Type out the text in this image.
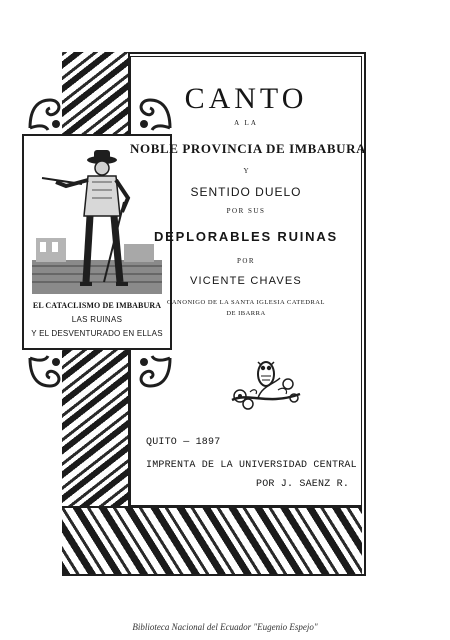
EL CATACLISMO DE IMBABURA
LAS RUINAS
Y EL DESVENTURADO EN ELLAS
CANTO
A LA
NOBLE PROVINCIA DE IMBABURA
Y
SENTIDO DUELO
POR SUS
DEPLORABLES RUINAS
POR
VICENTE CHAVES
CANONIGO DE LA SANTA IGLESIA CATEDRAL
DE IBARRA
QUITO — 1897
IMPRENTA DE LA UNIVERSIDAD CENTRAL
POR J. SAENZ R.
Biblioteca Nacional del Ecuador "Eugenio Espejo"
